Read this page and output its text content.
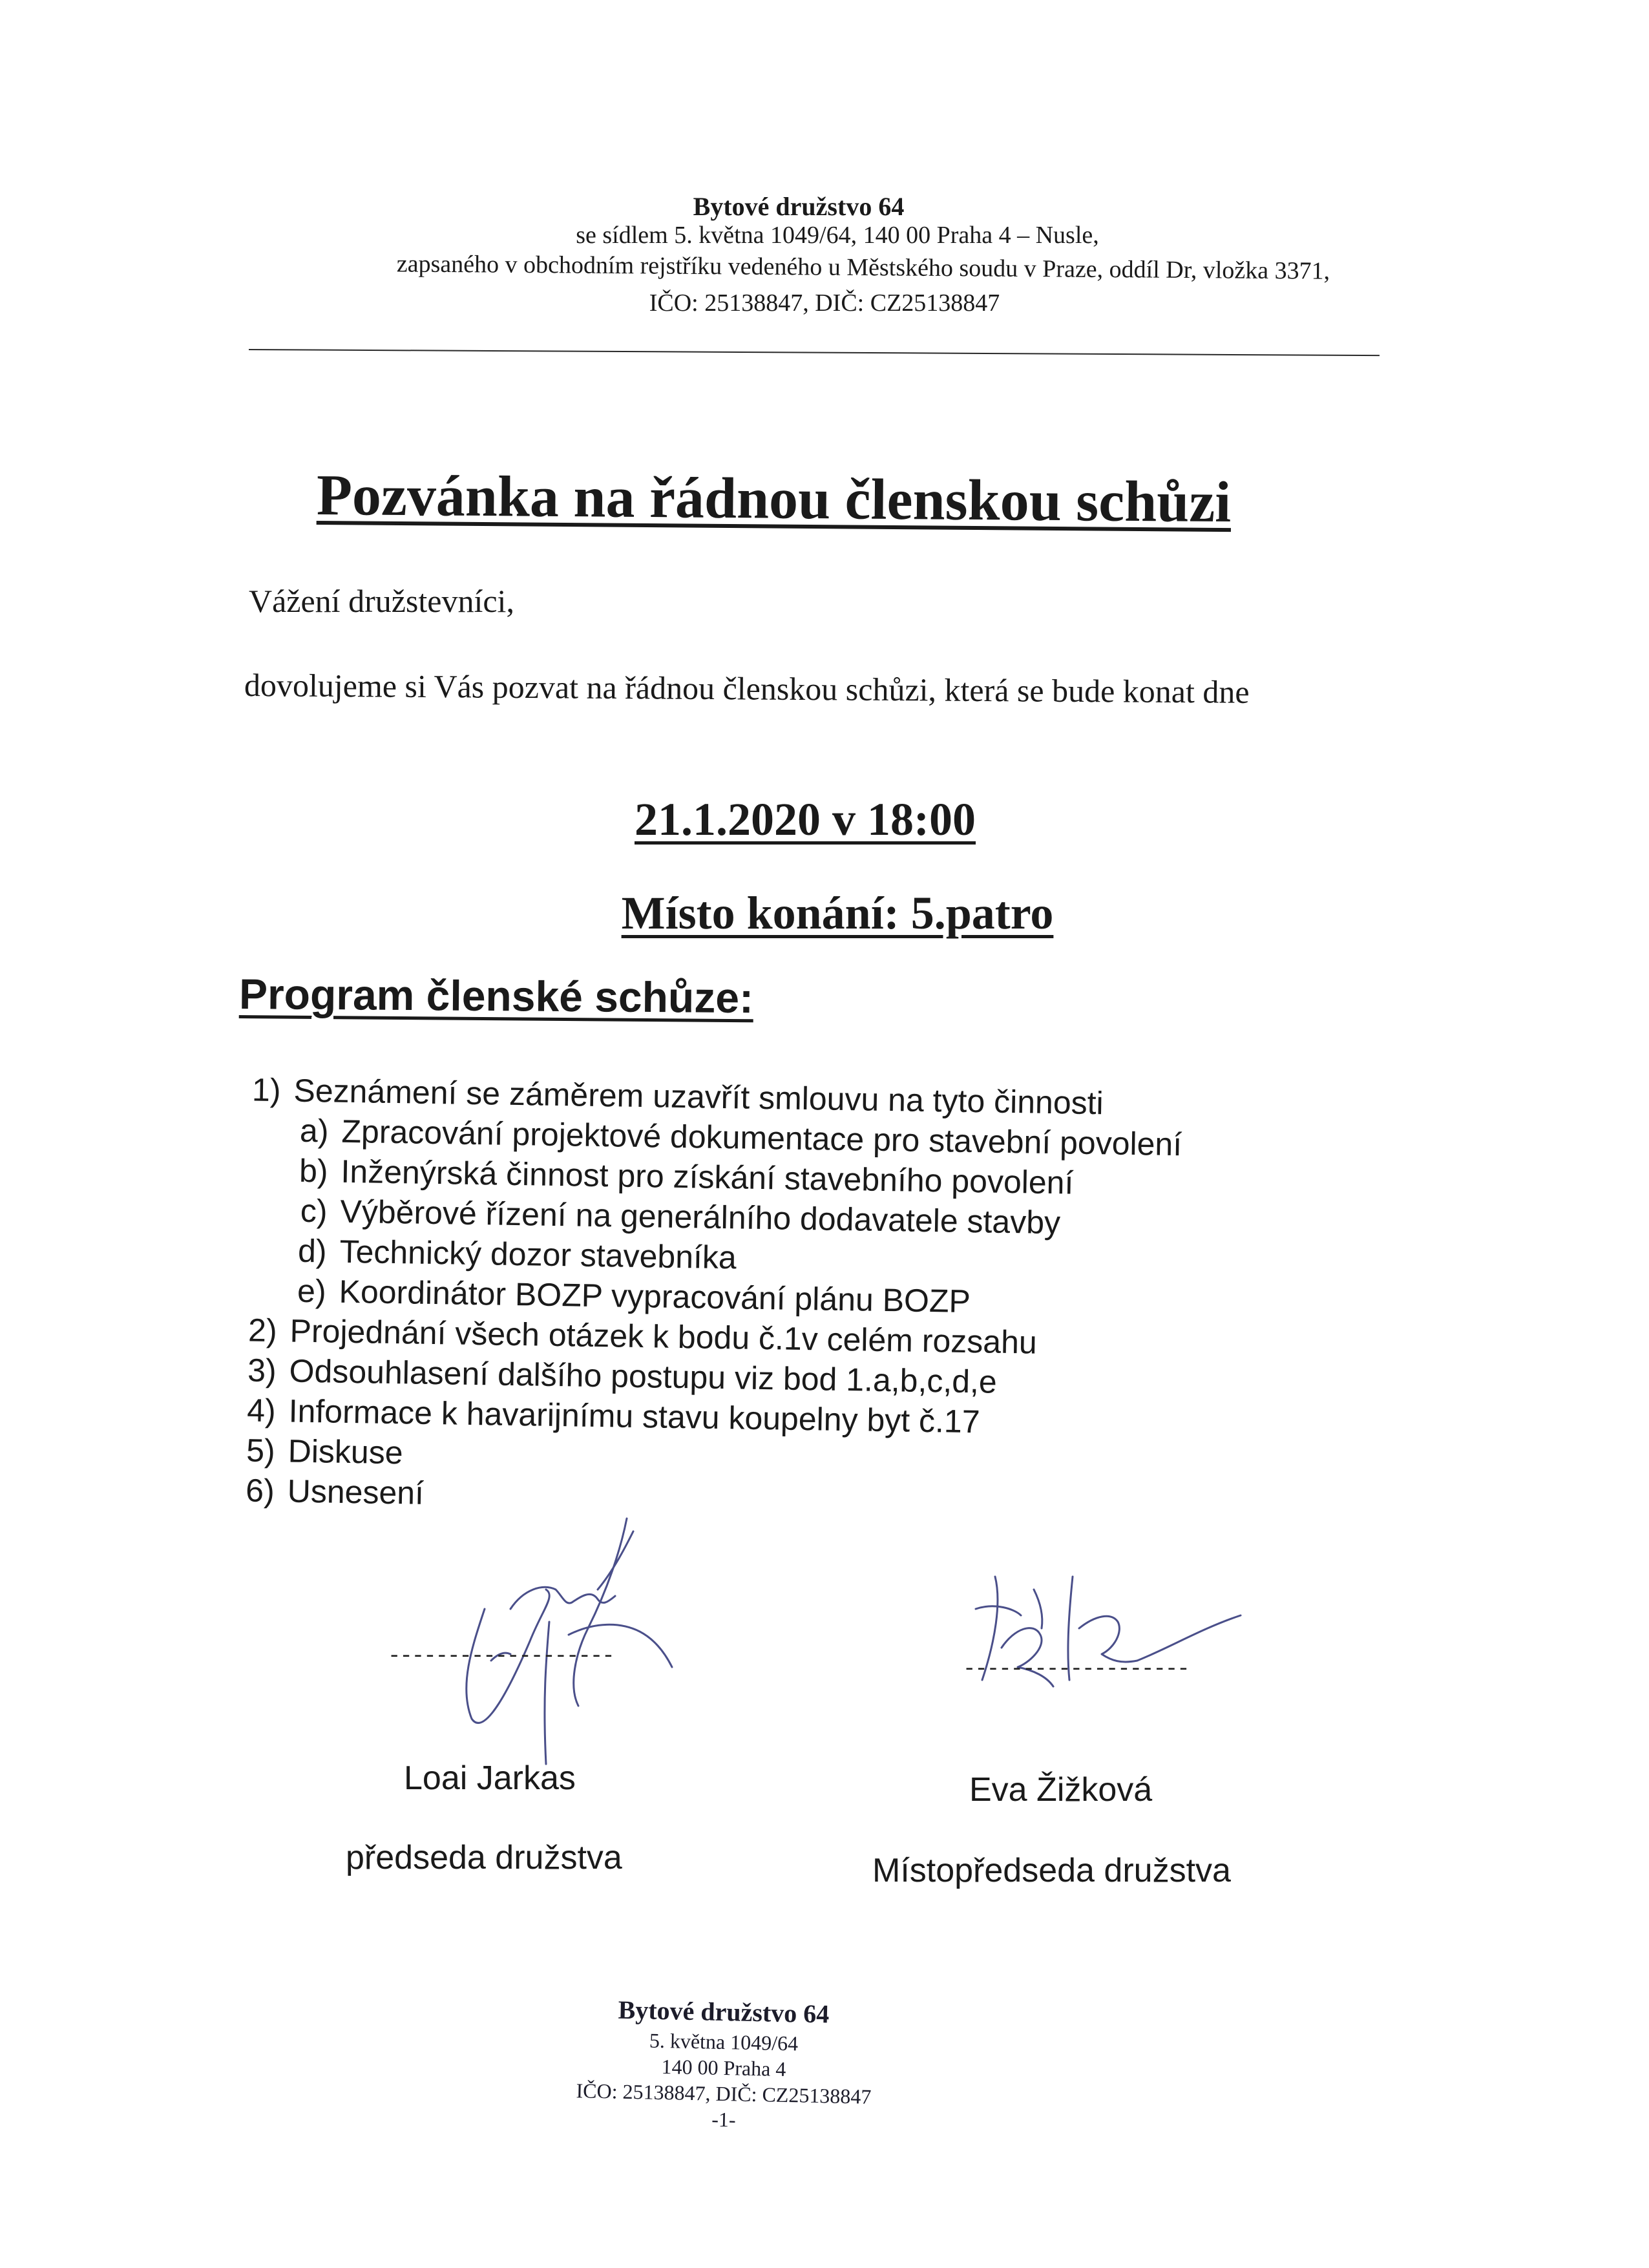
Bytové družstvo 64
se sídlem 5. května 1049/64, 140 00 Praha 4 – Nusle,
zapsaného v obchodním rejstříku vedeného u Městského soudu v Praze, oddíl Dr, vložka 3371,
IČO: 25138847, DIČ: CZ25138847
Pozvánka na řádnou členskou schůzi
Vážení družstevníci,
dovolujeme si Vás pozvat na řádnou členskou schůzi, která se bude konat dne
21.1.2020 v 18:00
Místo konání: 5.patro
Program členské schůze:
1) Seznámení se záměrem uzavřít smlouvu na tyto činnosti
a) Zpracování projektové dokumentace pro stavební povolení
b) Inženýrská činnost pro získání stavebního povolení
c) Výběrové řízení na generálního dodavatele stavby
d) Technický dozor stavebníka
e) Koordinátor BOZP vypracování plánu BOZP
2) Projednání všech otázek k bodu č.1v celém rozsahu
3) Odsouhlasení dalšího postupu viz bod 1.a,b,c,d,e
4) Informace k havarijnímu stavu koupelny byt č.17
5) Diskuse
6) Usnesení
-------------------
-------------------
Loai Jarkas
předseda družstva
Eva Žižková
Místopředseda družstva
Bytové družstvo 64
5. května 1049/64
140 00 Praha 4
IČO: 25138847, DIČ: CZ25138847
-1-
